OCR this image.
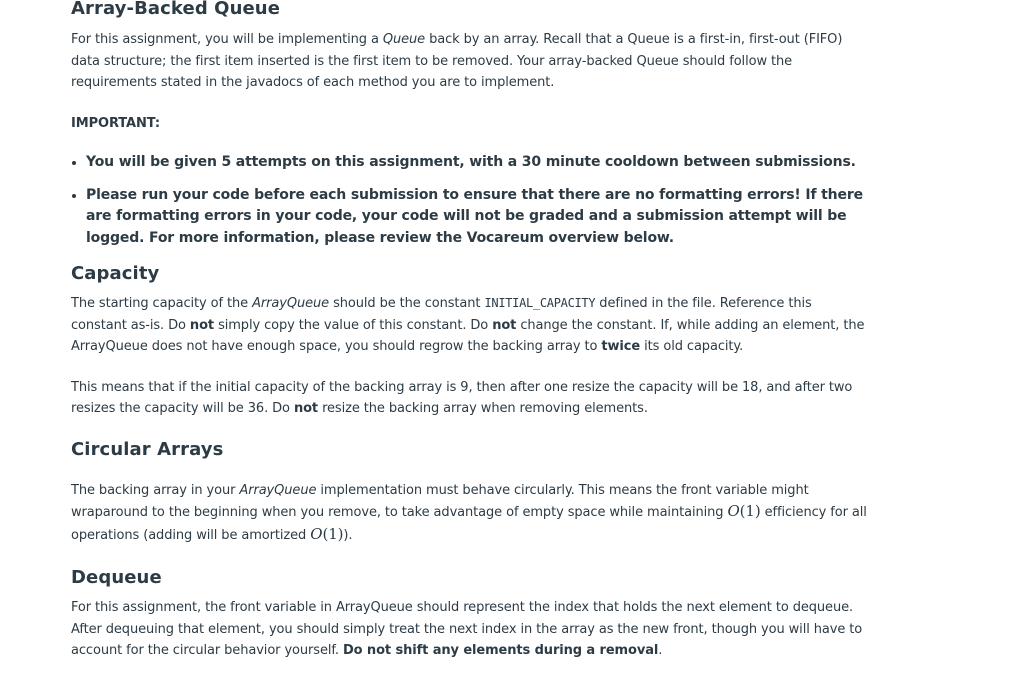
Array-Backed Queue

For this assignment, you will be implementing a Queue back by an array. Recall that a Queue is a first-in, first-out (FIFO) data structure; the first item inserted is the first item to be removed. Your array-backed Queue should follow the requirements stated in the javadocs of each method you are to implement.

IMPORTANT:

• You will be given 5 attempts on this assignment, with a 30 minute cooldown between submissions.
• Please run your code before each submission to ensure that there are no formatting errors! If there are formatting errors in your code, your code will not be graded and a submission attempt will be logged. For more information, please review the Vocareum overview below.
Capacity

The starting capacity of the ArrayQueue should be the constant INITIAL_CAPACITY defined in the file. Reference this constant as-is. Do not simply copy the value of this constant. Do not change the constant. If, while adding an element, the ArrayQueue does not have enough space, you should regrow the backing array to twice its old capacity.

This means that if the initial capacity of the backing array is 9, then after one resize the capacity will be 18, and after two resizes the capacity will be 36. Do not resize the backing array when removing elements.

Circular Arrays

The backing array in your ArrayQueue implementation must behave circularly. This means the front variable might wraparound to the beginning when you remove, to take advantage of empty space while maintaining O(1) efficiency for all operations (adding will be amortized O(1)).

Dequeue

For this assignment, the front variable in ArrayQueue should represent the index that holds the next element to dequeue. After dequeuing that element, you should simply treat the next index in the array as the new front, though you will have to account for the circular behavior yourself. Do not shift any elements during a removal.
